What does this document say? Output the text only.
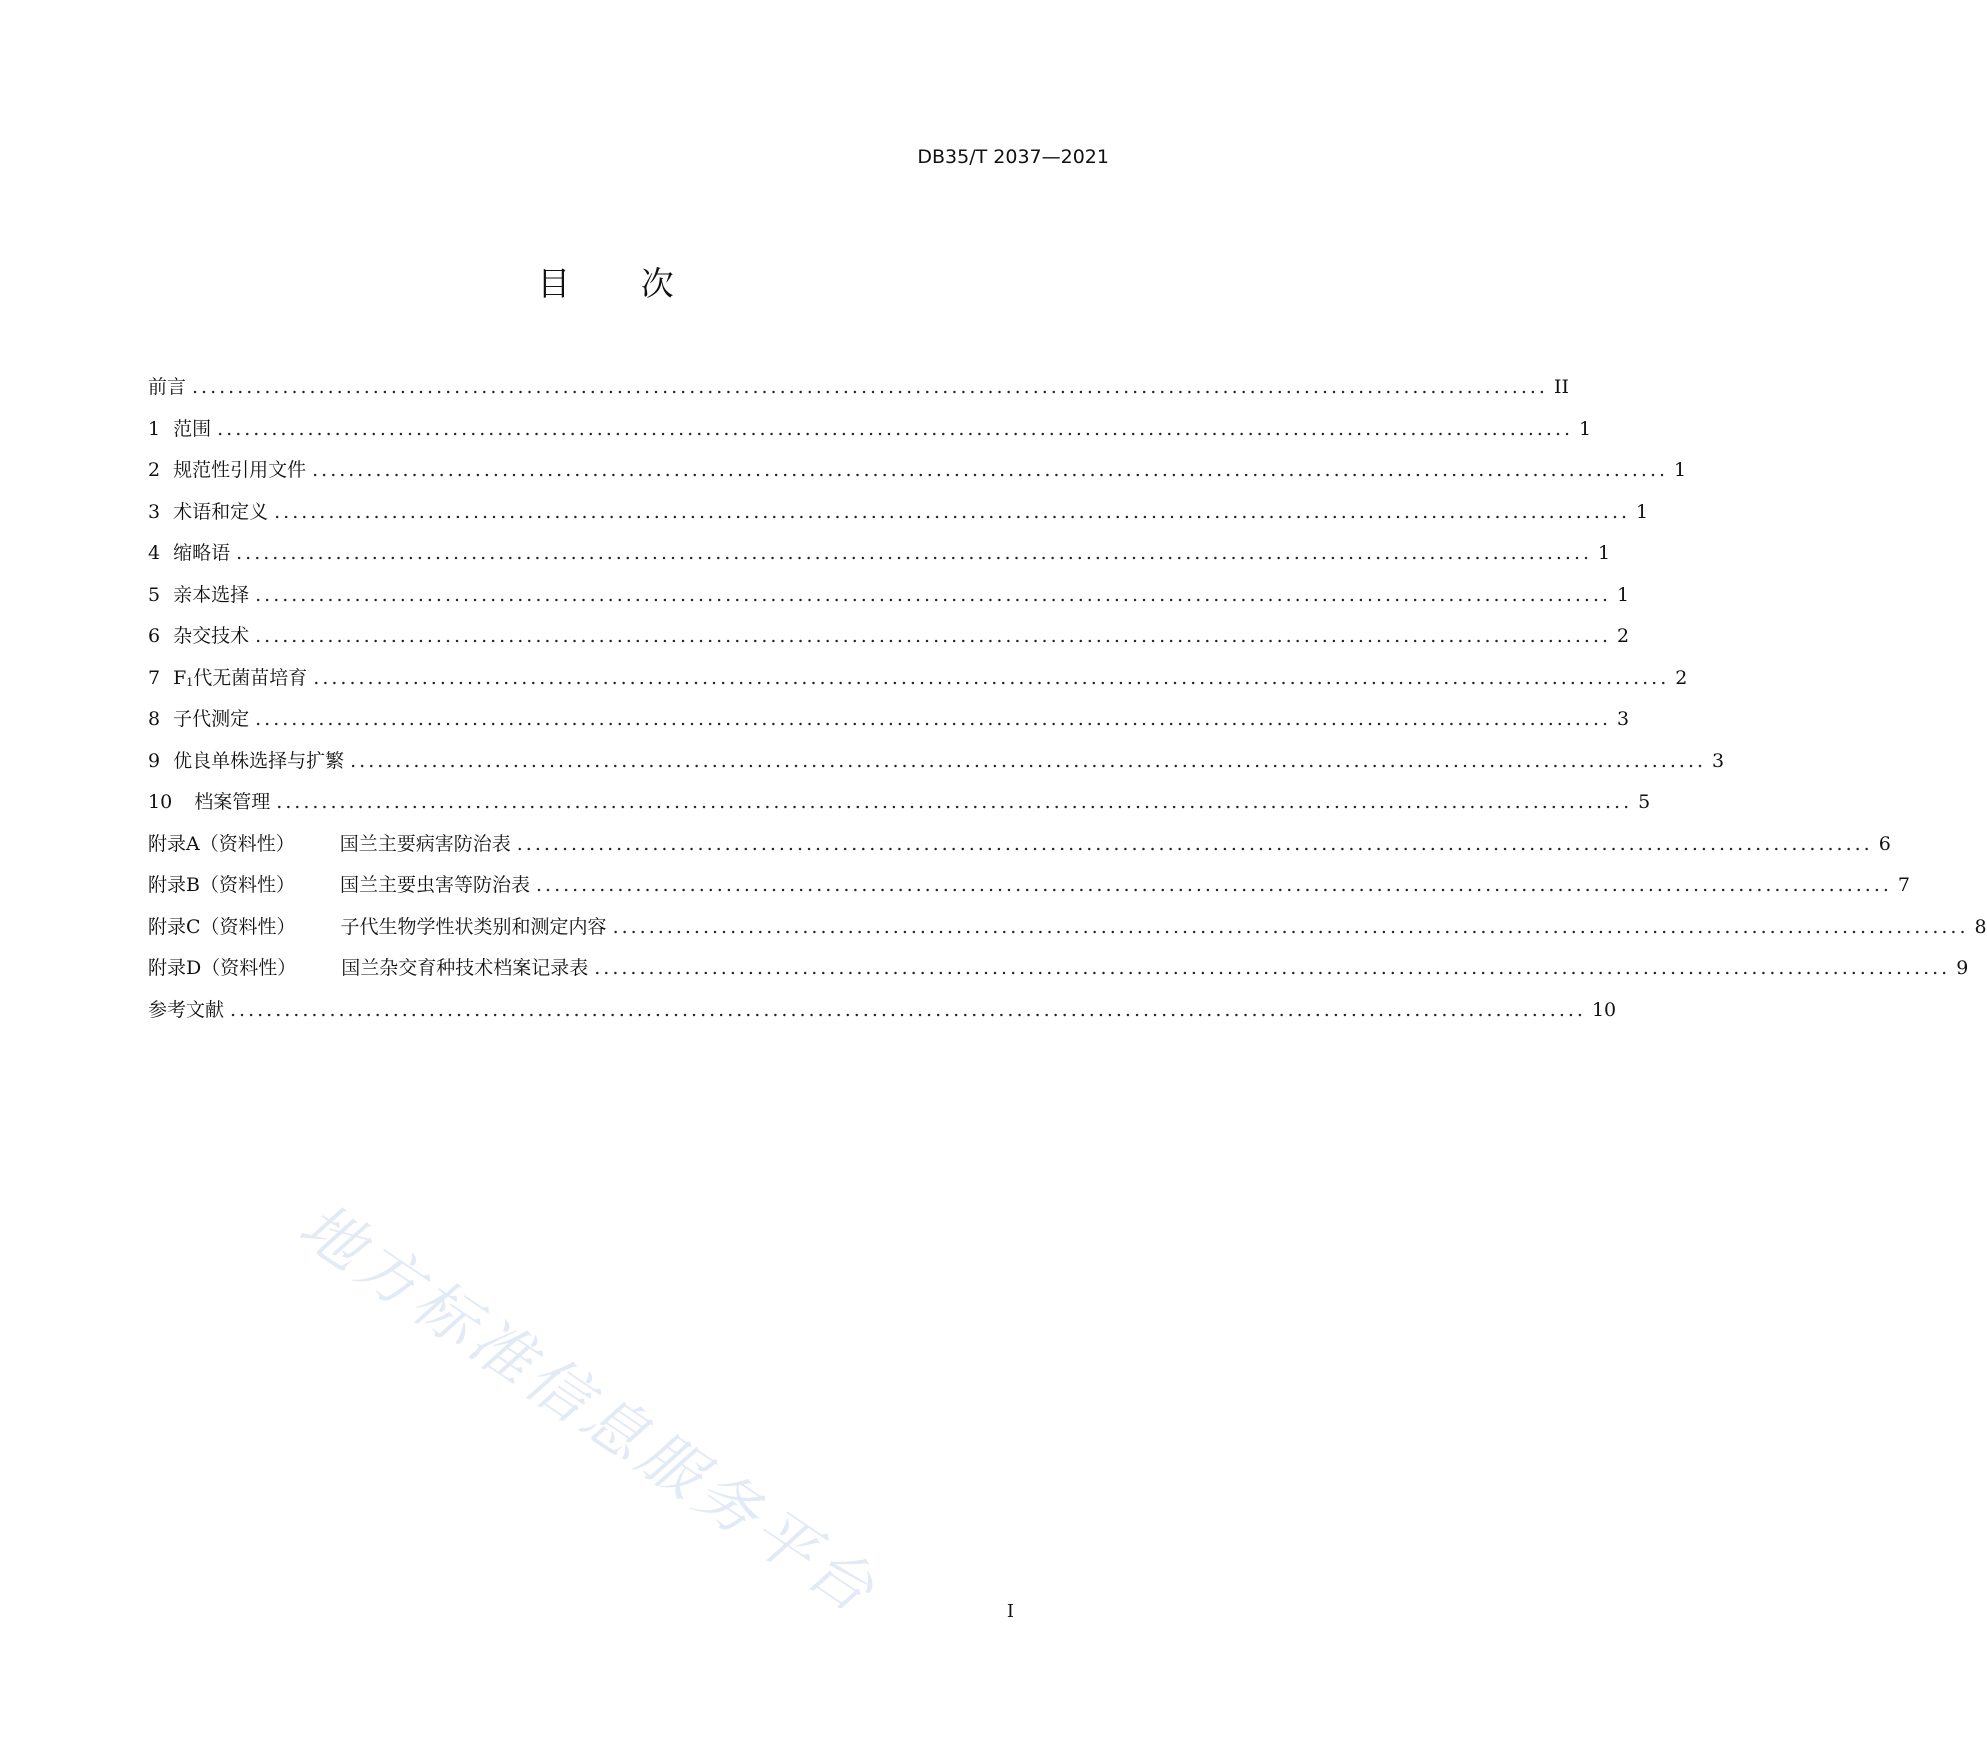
DB35/T 2037—2021
目 次
前言 ...................................................................................................................................................... II
1 范围 ...................................................................................................................................................... 1
2 规范性引用文件 ...................................................................................................................................................... 1
3 术语和定义 ...................................................................................................................................................... 1
4 缩略语 ...................................................................................................................................................... 1
5 亲本选择 ...................................................................................................................................................... 1
6 杂交技术 ...................................................................................................................................................... 2
7 F1代无菌苗培育 ...................................................................................................................................................... 2
8 子代测定 ...................................................................................................................................................... 3
9 优良单株选择与扩繁 ...................................................................................................................................................... 3
10 档案管理 ...................................................................................................................................................... 5
附录A（资料性） 国兰主要病害防治表 ...................................................................................................................................................... 6
附录B（资料性） 国兰主要虫害等防治表 ...................................................................................................................................................... 7
附录C（资料性） 子代生物学性状类别和测定内容 ...................................................................................................................................................... 8
附录D（资料性） 国兰杂交育种技术档案记录表 ...................................................................................................................................................... 9
参考文献 ...................................................................................................................................................... 10
地方标准信息服务平台	I
